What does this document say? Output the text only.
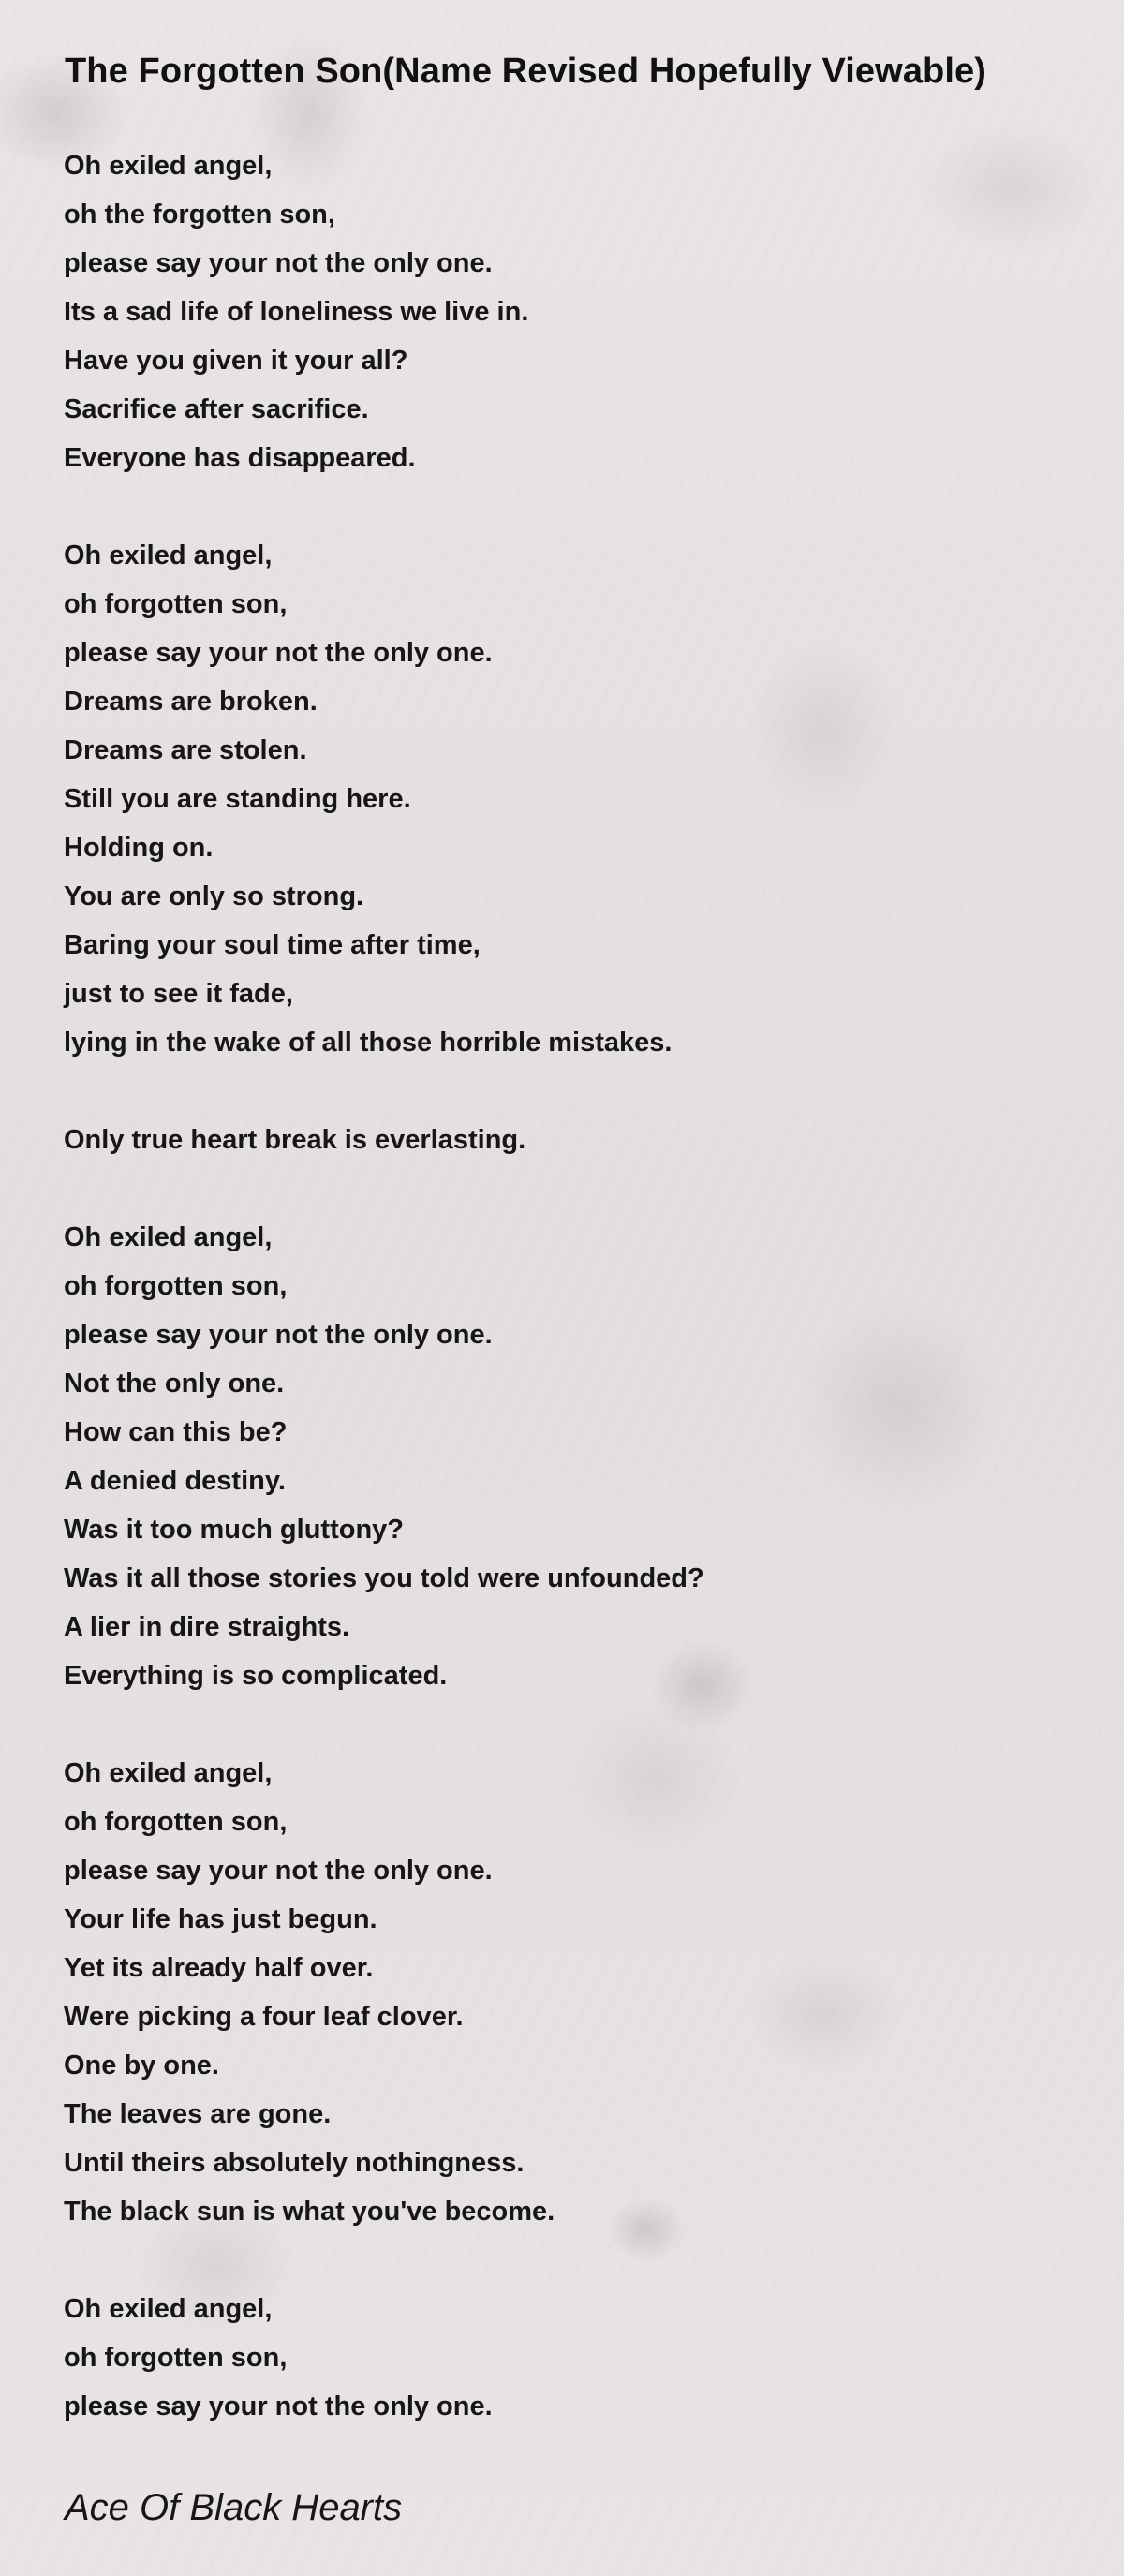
The Forgotten Son(Name Revised Hopefully Viewable)
Oh exiled angel,
oh the forgotten son,
please say your not the only one.
Its a sad life of loneliness we live in.
Have you given it your all?
Sacrifice after sacrifice.
Everyone has disappeared.
Oh exiled angel,
oh forgotten son,
please say your not the only one.
Dreams are broken.
Dreams are stolen.
Still you are standing here.
Holding on.
You are only so strong.
Baring your soul time after time,
just to see it fade,
lying in the wake of all those horrible mistakes.
Only true heart break is everlasting.
Oh exiled angel,
oh forgotten son,
please say your not the only one.
Not the only one.
How can this be?
A denied destiny.
Was it too much gluttony?
Was it all those stories you told were unfounded?
A lier in dire straights.
Everything is so complicated.
Oh exiled angel,
oh forgotten son,
please say your not the only one.
Your life has just begun.
Yet its already half over.
Were picking a four leaf clover.
One by one.
The leaves are gone.
Until theirs absolutely nothingness.
The black sun is what you've become.
Oh exiled angel,
oh forgotten son,
please say your not the only one.
Ace Of Black Hearts
